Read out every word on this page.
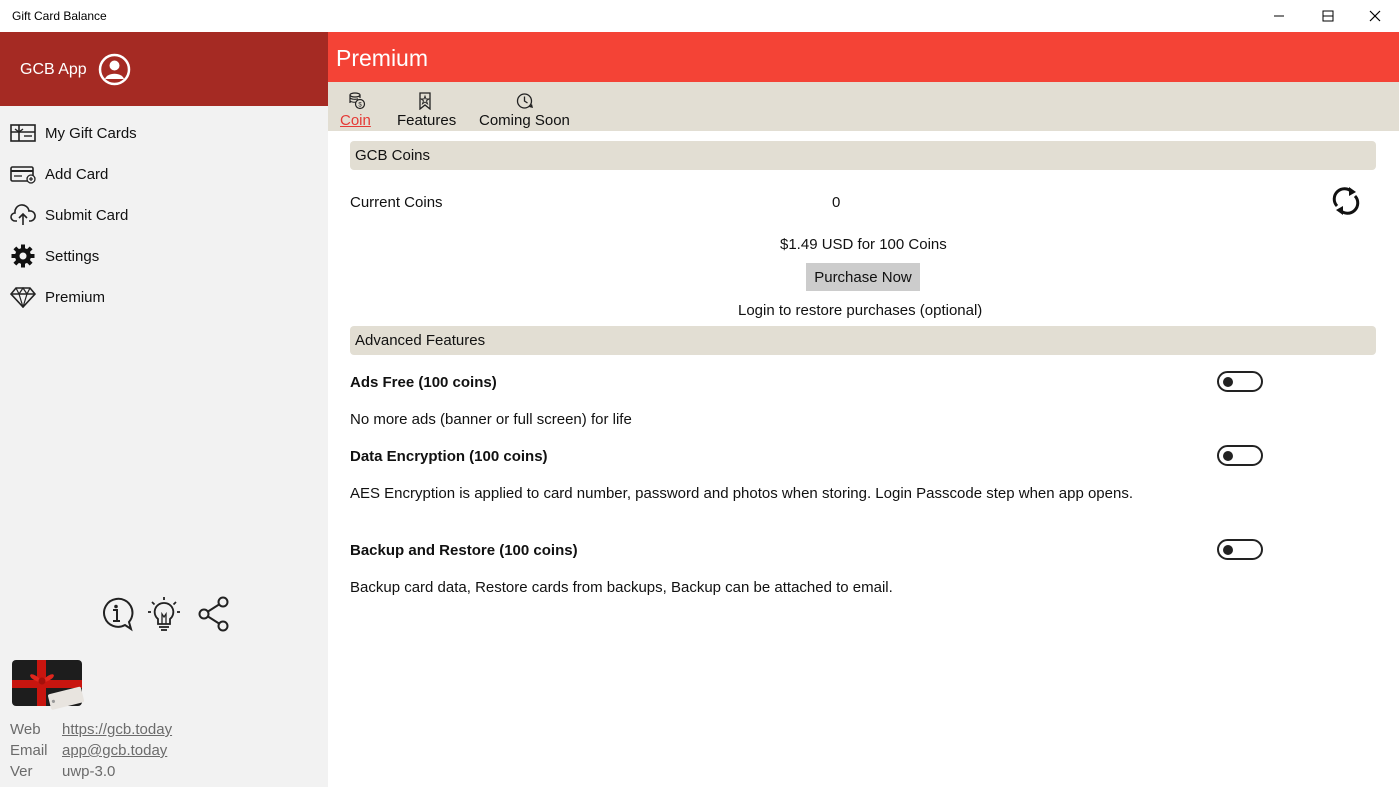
Gift Card Balance
GCB App
My Gift Cards
Add Card
Submit Card
Settings
Premium
Web https://gcb.today
Email app@gcb.today
Ver uwp-3.0
Premium
$
Coin Features Coming Soon
GCB Coins
Current Coins	0
$1.49 USD for 100 Coins
Purchase Now
Login to restore purchases (optional)
Advanced Features
Ads Free (100 coins)
No more ads (banner or full screen) for life
Data Encryption (100 coins)
AES Encryption is applied to card number, password and photos when storing. Login Passcode step when app opens.
Backup and Restore (100 coins)
Backup card data, Restore cards from backups, Backup can be attached to email.
